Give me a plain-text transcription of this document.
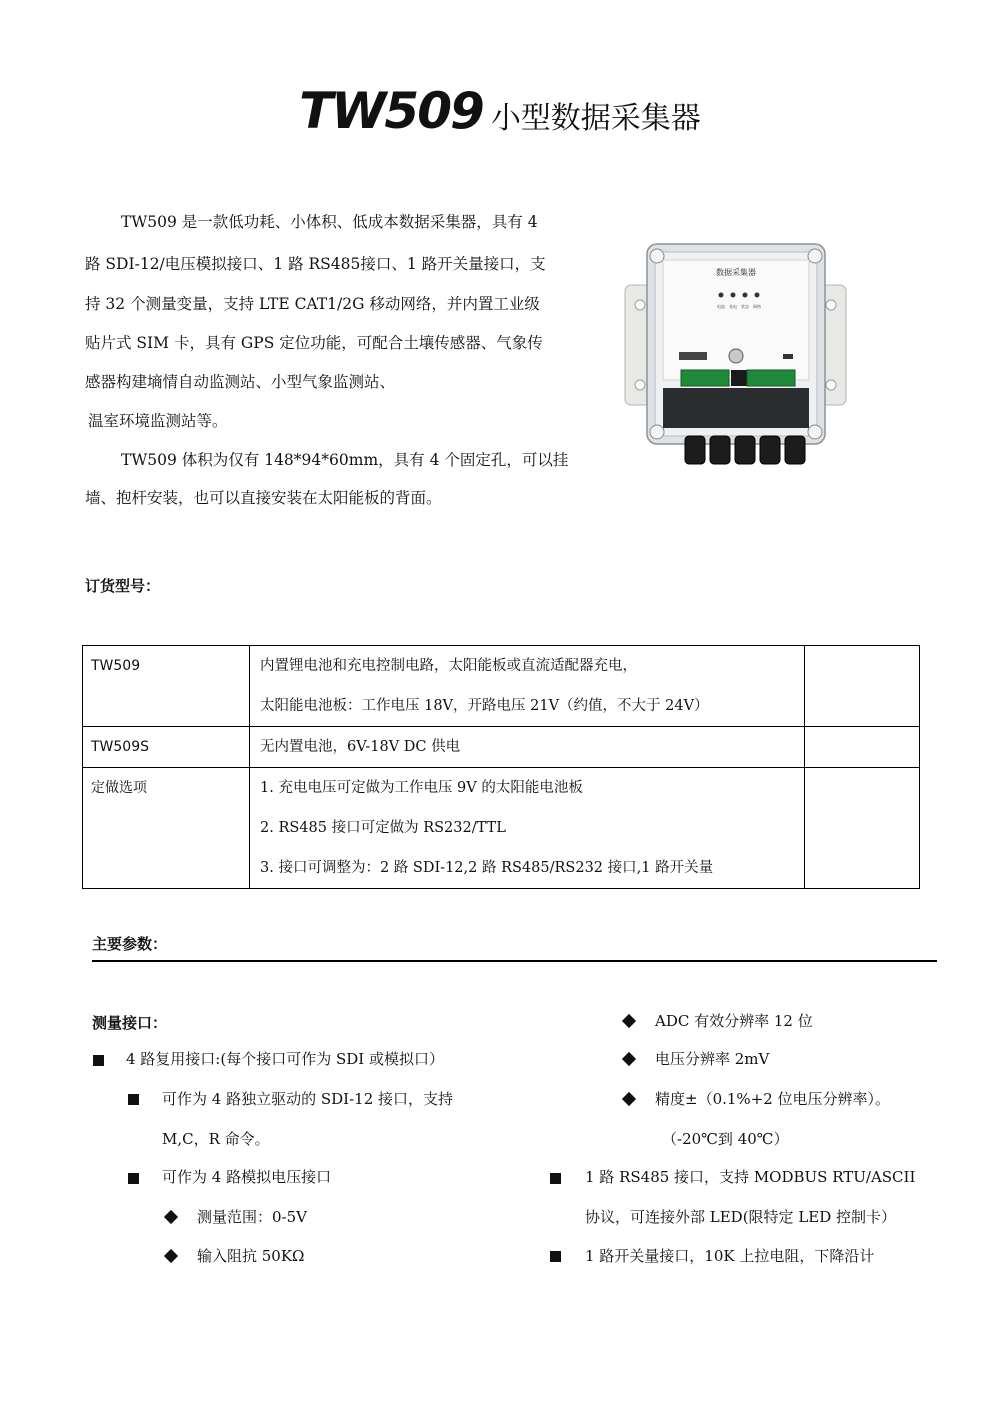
TW509 小型数据采集器
TW509 是一款低功耗、小体积、低成本数据采集器，具有 4
路 SDI-12/电压模拟接口、1 路 RS485接口、1 路开关量接口，支
持 32 个测量变量，支持 LTE CAT1/2G 移动网络，并内置工业级
贴片式 SIM 卡，具有 GPS 定位功能，可配合土壤传感器、气象传
感器构建墒情自动监测站、小型气象监测站、
温室环境监测站等。
TW509 体积为仅有 148*94*60mm，具有 4 个固定孔，可以挂
墙、抱杆安装，也可以直接安装在太阳能板的背面。
数据采集器
电池 充电 状态 网络
订货型号：
TW509	内置锂电池和充电控制电路，太阳能板或直流适配器充电，
太阳能电池板：工作电压 18V，开路电压 21V（约值，不大于 24V）	

TW509S	无内置电池，6V-18V DC 供电	

定做选项	1. 充电电压可定做为工作电压 9V 的太阳能电池板
2. RS485 接口可定做为 RS232/TTL
3. 接口可调整为：2 路 SDI-12,2 路 RS485/RS232 接口,1 路开关量	

主要参数：
测量接口：
4 路复用接口:(每个接口可作为 SDI 或模拟口）
可作为 4 路独立驱动的 SDI-12 接口，支持
M,C，R 命令。
可作为 4 路模拟电压接口
测量范围：0-5V
输入阻抗 50KΩ
ADC 有效分辨率 12 位
电压分辨率 2mV
精度±（0.1%+2 位电压分辨率）。
（-20℃到 40℃）
1 路 RS485 接口，支持 MODBUS RTU/ASCII
协议，可连接外部 LED(限特定 LED 控制卡）
1 路开关量接口，10K 上拉电阻，下降沿计
